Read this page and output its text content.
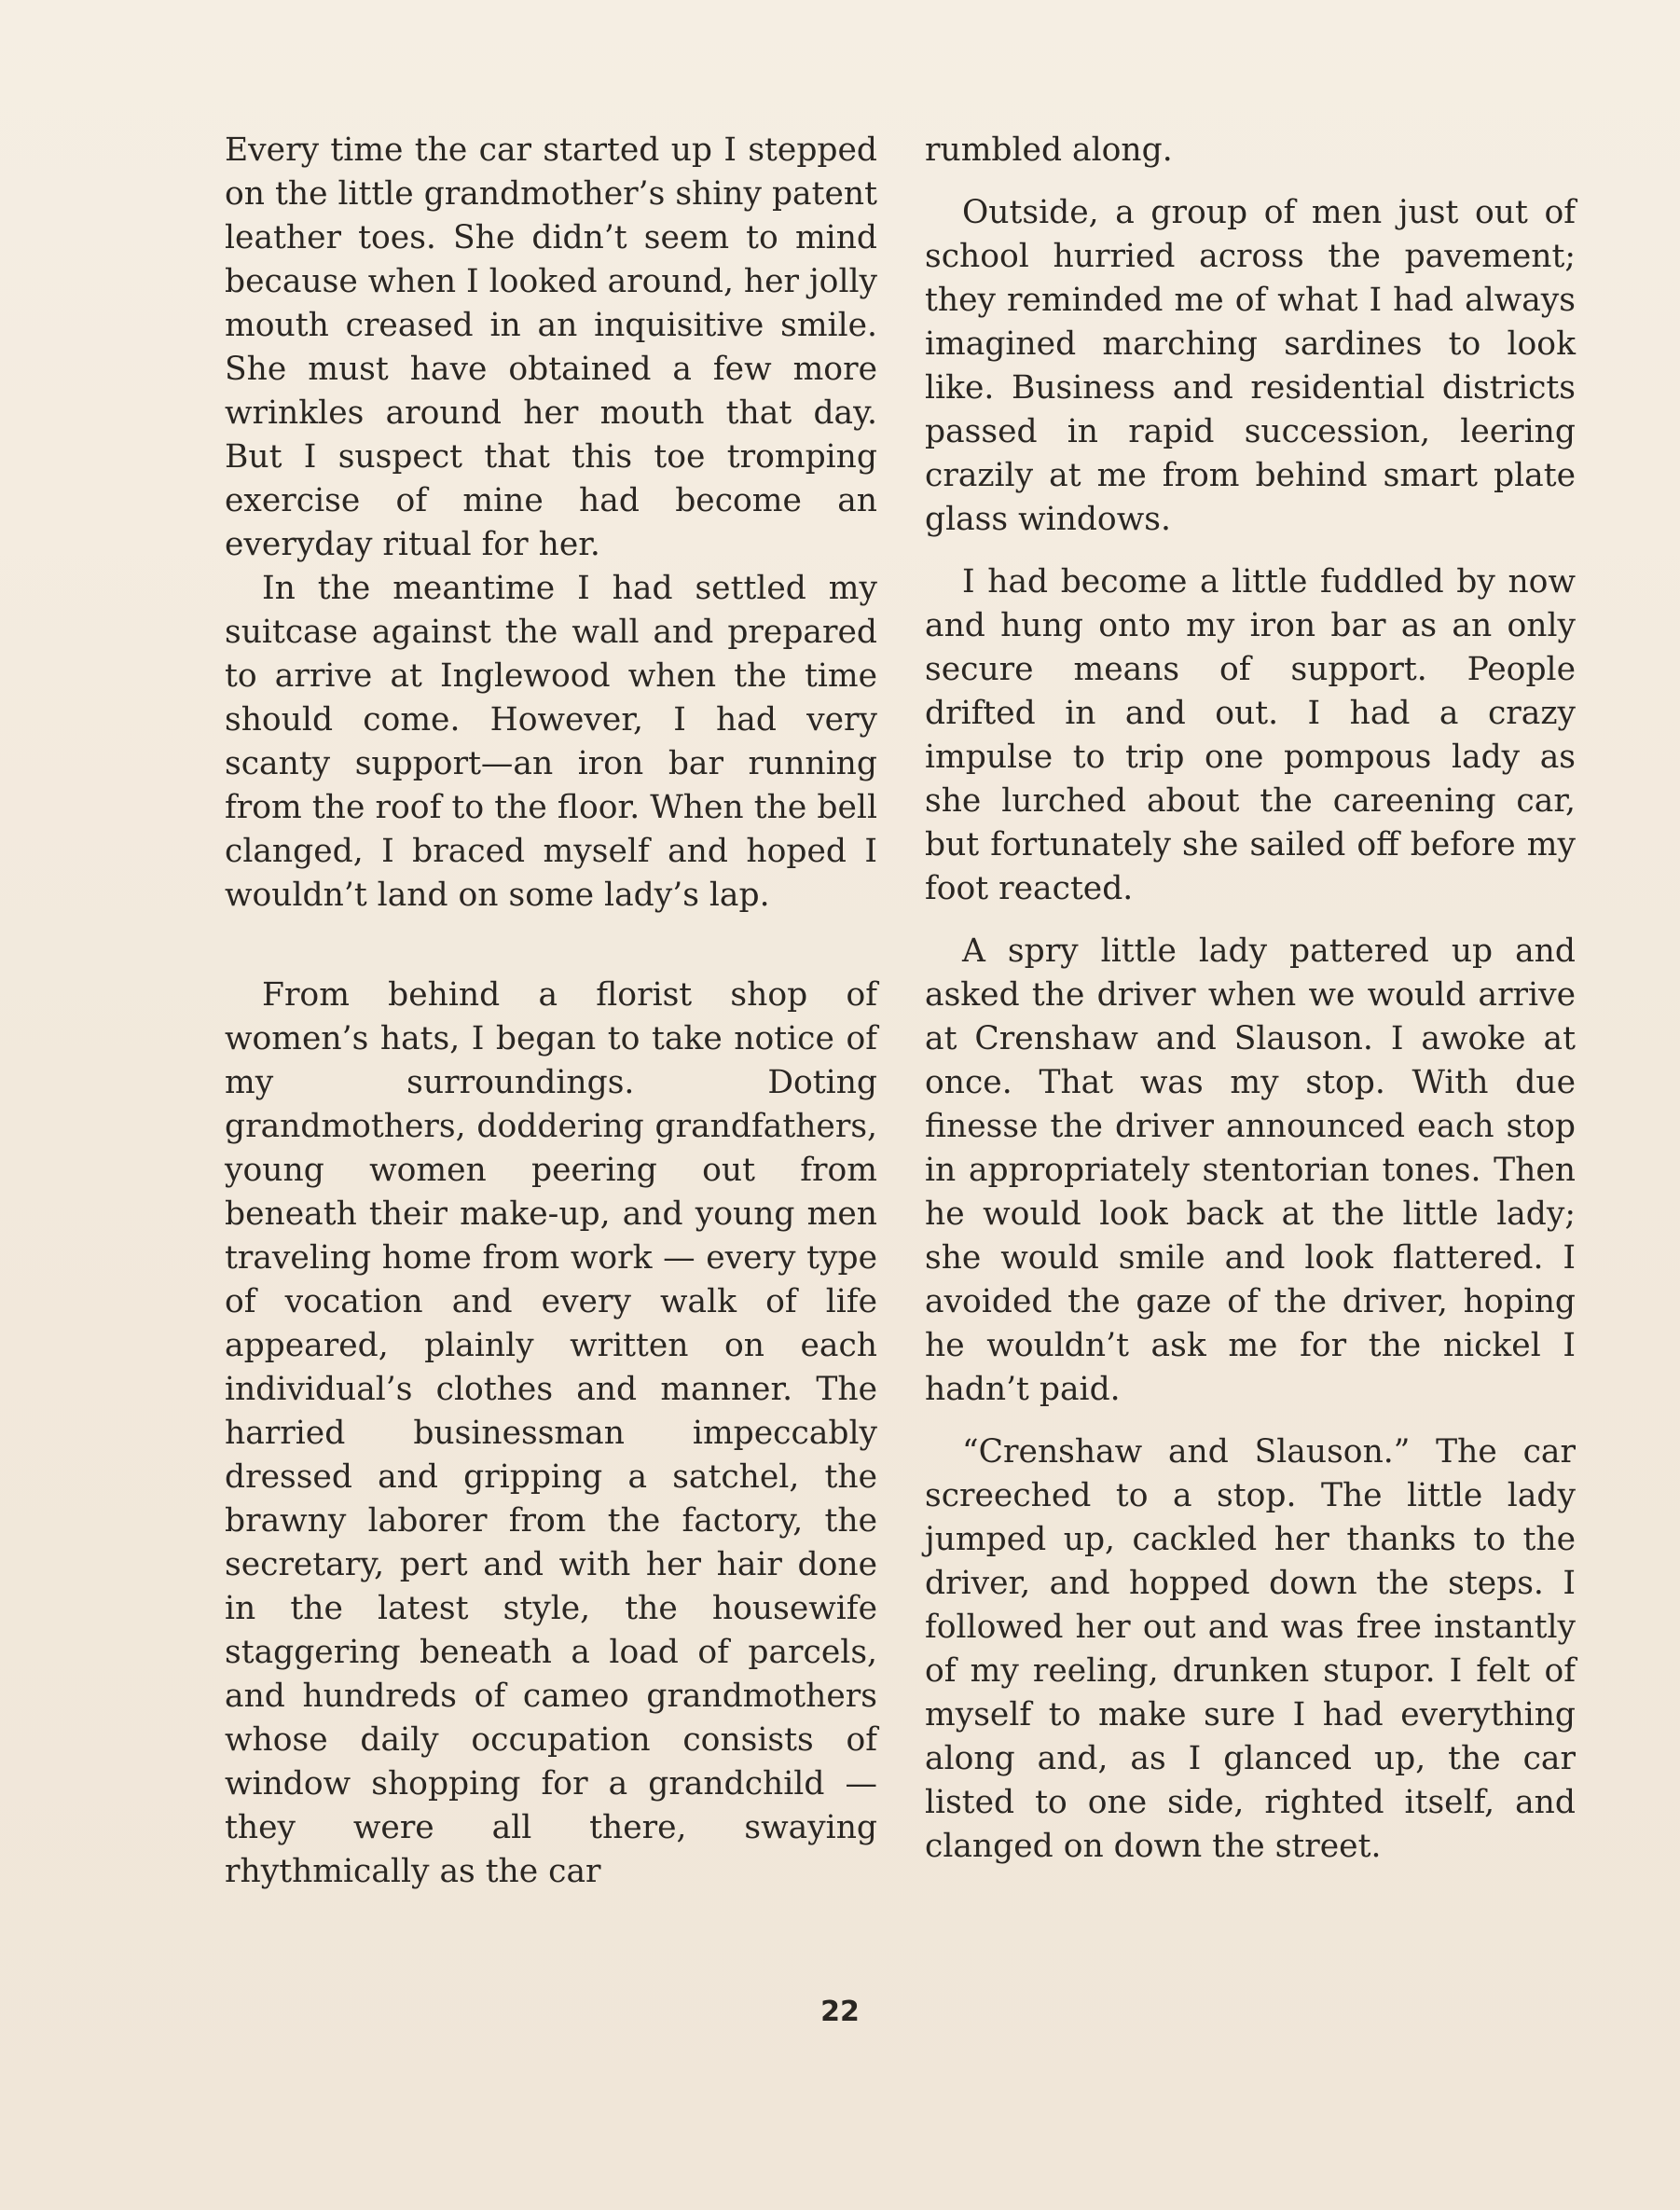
Every time the car started up I stepped on the little grandmother’s shiny patent leather toes. She didn’t seem to mind because when I looked around, her jolly mouth creased in an inquisitive smile. She must have obtained a few more wrinkles around her mouth that day. But I suspect that this toe tromping exercise of mine had become an everyday ritual for her.

In the meantime I had settled my suitcase against the wall and prepared to arrive at Inglewood when the time should come. However, I had very scanty support—an iron bar running from the roof to the floor. When the bell clanged, I braced myself and hoped I wouldn’t land on some lady’s lap.

From behind a florist shop of women’s hats, I began to take notice of my surroundings. Doting grandmothers, doddering grandfathers, young women peering out from beneath their make-up, and young men traveling home from work — every type of vocation and every walk of life appeared, plainly written on each individual’s clothes and manner. The harried businessman impeccably dressed and gripping a satchel, the brawny laborer from the factory, the secretary, pert and with her hair done in the latest style, the housewife staggering beneath a load of parcels, and hundreds of cameo grandmothers whose daily occupation consists of window shopping for a grandchild — they were all there, swaying rhythmically as the car

rumbled along.

Outside, a group of men just out of school hurried across the pavement; they reminded me of what I had always imagined marching sardines to look like. Business and residential districts passed in rapid succession, leering crazily at me from behind smart plate glass windows.

I had become a little fuddled by now and hung onto my iron bar as an only secure means of support. People drifted in and out. I had a crazy impulse to trip one pompous lady as she lurched about the careening car, but fortunately she sailed off before my foot reacted.

A spry little lady pattered up and asked the driver when we would arrive at Crenshaw and Slauson. I awoke at once. That was my stop. With due finesse the driver announced each stop in appropriately stentorian tones. Then he would look back at the little lady; she would smile and look flattered. I avoided the gaze of the driver, hoping he wouldn’t ask me for the nickel I hadn’t paid.

“Crenshaw and Slauson.” The car screeched to a stop. The little lady jumped up, cackled her thanks to the driver, and hopped down the steps. I followed her out and was free instantly of my reeling, drunken stupor. I felt of myself to make sure I had everything along and, as I glanced up, the car listed to one side, righted itself, and clanged on down the street.

22
